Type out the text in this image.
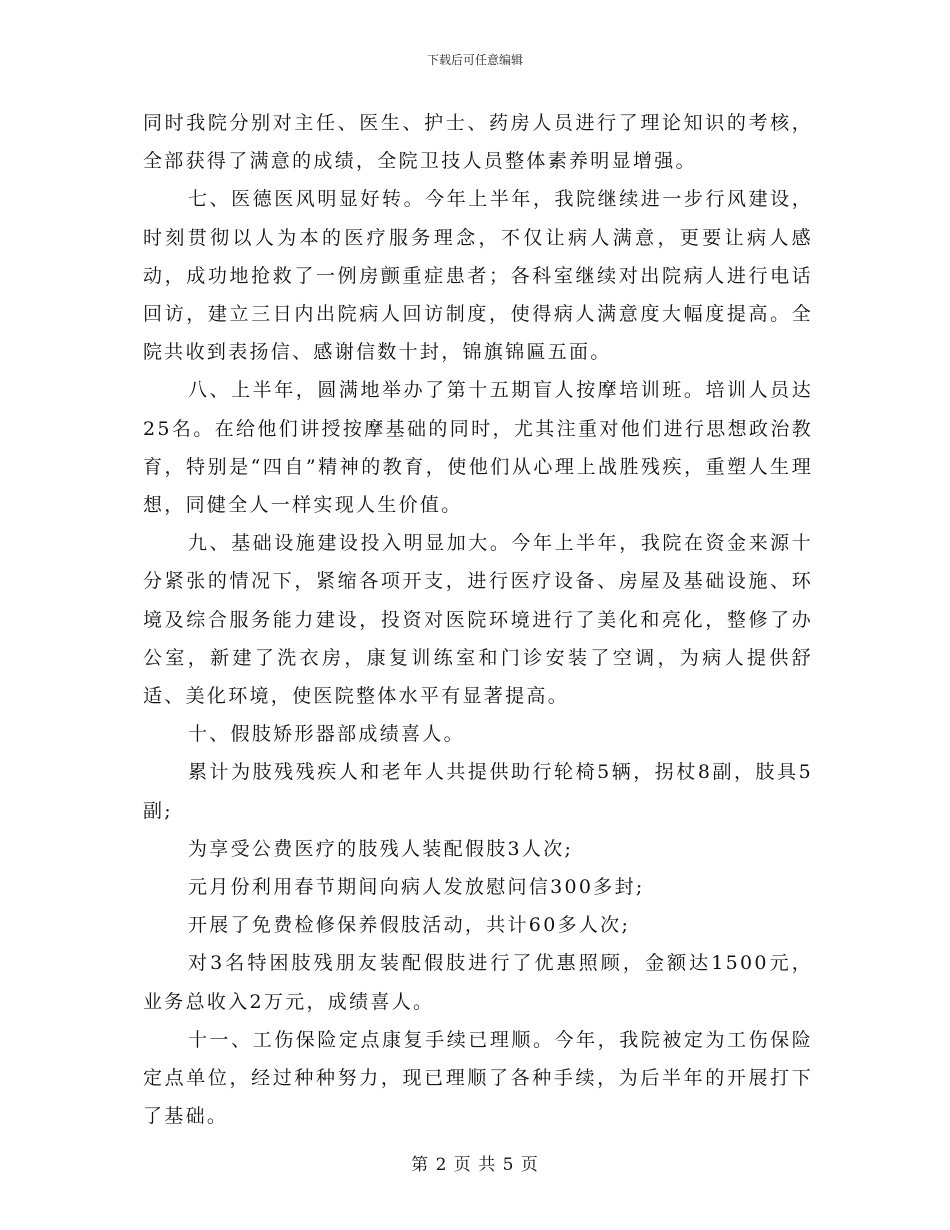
下载后可任意编辑

同时我院分别对主任、医生、护士、药房人员进行了理论知识的考核，全部获得了满意的成绩，全院卫技人员整体素养明显增强。

七、医德医风明显好转。今年上半年，我院继续进一步行风建设，时刻贯彻以人为本的医疗服务理念，不仅让病人满意，更要让病人感动，成功地抢救了一例房颤重症患者；各科室继续对出院病人进行电话回访，建立三日内出院病人回访制度，使得病人满意度大幅度提高。全院共收到表扬信、感谢信数十封，锦旗锦匾五面。

八、上半年，圆满地举办了第十五期盲人按摩培训班。培训人员达25名。在给他们讲授按摩基础的同时，尤其注重对他们进行思想政治教育，特别是“四自”精神的教育，使他们从心理上战胜残疾，重塑人生理想，同健全人一样实现人生价值。

九、基础设施建设投入明显加大。今年上半年，我院在资金来源十分紧张的情况下，紧缩各项开支，进行医疗设备、房屋及基础设施、环境及综合服务能力建设，投资对医院环境进行了美化和亮化，整修了办公室，新建了洗衣房，康复训练室和门诊安装了空调，为病人提供舒适、美化环境，使医院整体水平有显著提高。

十、假肢矫形器部成绩喜人。

累计为肢残残疾人和老年人共提供助行轮椅5辆，拐杖8副，肢具5副;

为享受公费医疗的肢残人装配假肢3人次;

元月份利用春节期间向病人发放慰问信300多封;

开展了免费检修保养假肢活动，共计60多人次;

对3名特困肢残朋友装配假肢进行了优惠照顾，金额达1500元，业务总收入2万元，成绩喜人。

十一、工伤保险定点康复手续已理顺。今年，我院被定为工伤保险定点单位，经过种种努力，现已理顺了各种手续，为后半年的开展打下了基础。

第 2 页 共 5 页
